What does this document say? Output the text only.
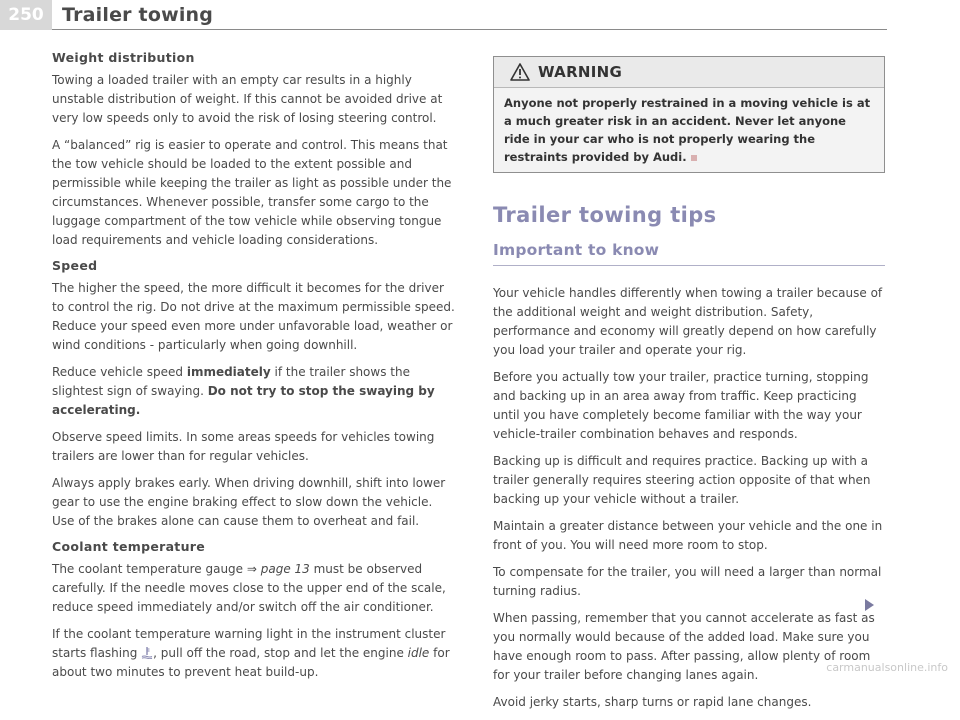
250 Trailer towing
Weight distribution

Towing a loaded trailer with an empty car results in a highly unstable distribution of weight. If this cannot be avoided drive at very low speeds only to avoid the risk of losing steering control.

A “balanced” rig is easier to operate and control. This means that the tow vehicle should be loaded to the extent possible and permissible while keeping the trailer as light as possible under the circumstances. Whenever possible, transfer some cargo to the luggage compartment of the tow vehicle while observing tongue load requirements and vehicle loading considerations.

Speed

The higher the speed, the more difficult it becomes for the driver to control the rig. Do not drive at the maximum permissible speed. Reduce your speed even more under unfavorable load, weather or wind conditions - particularly when going downhill.

Reduce vehicle speed immediately if the trailer shows the slightest sign of swaying. Do not try to stop the swaying by accelerating.

Observe speed limits. In some areas speeds for vehicles towing trailers are lower than for regular vehicles.

Always apply brakes early. When driving downhill, shift into lower gear to use the engine braking effect to slow down the vehicle. Use of the brakes alone can cause them to overheat and fail.

Coolant temperature

The coolant temperature gauge ⇒ page 13 must be observed carefully. If the needle moves close to the upper end of the scale, reduce speed immediately and/or switch off the air conditioner.

If the coolant temperature warning light in the instrument cluster starts flashing , pull off the road, stop and let the engine idle for about two minutes to prevent heat build-up.

WARNING
Anyone not properly restrained in a moving vehicle is at a much greater risk in an accident. Never let anyone ride in your car who is not properly wearing the restraints provided by Audi.
Trailer towing tips
Important to know

Your vehicle handles differently when towing a trailer because of the additional weight and weight distribution. Safety, performance and economy will greatly depend on how carefully you load your trailer and operate your rig.

Before you actually tow your trailer, practice turning, stopping and backing up in an area away from traffic. Keep practicing until you have completely become familiar with the way your vehicle-trailer combination behaves and responds.

Backing up is difficult and requires practice. Backing up with a trailer generally requires steering action opposite of that when backing up your vehicle without a trailer.

Maintain a greater distance between your vehicle and the one in front of you. You will need more room to stop.

To compensate for the trailer, you will need a larger than normal turning radius.

When passing, remember that you cannot accelerate as fast as you normally would because of the added load. Make sure you have enough room to pass. After passing, allow plenty of room for your trailer before changing lanes again.

Avoid jerky starts, sharp turns or rapid lane changes.

carmanualsonline.info
